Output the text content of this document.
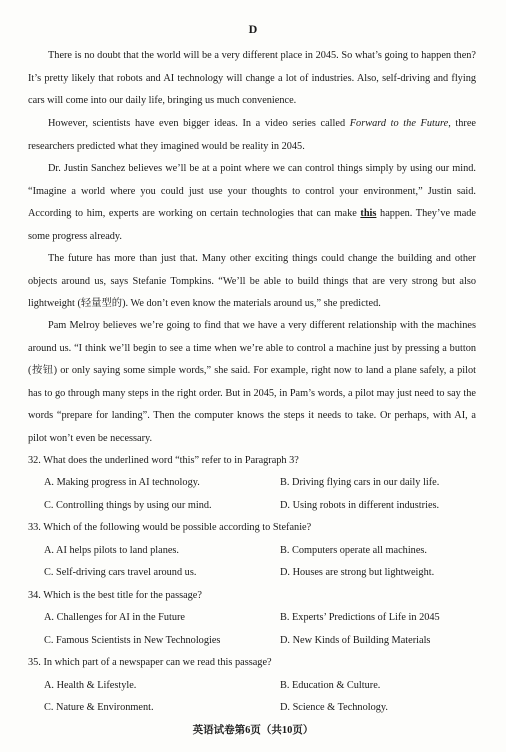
D

There is no doubt that the world will be a very different place in 2045. So what’s going to happen then? It’s pretty likely that robots and AI technology will change a lot of industries. Also, self-driving and flying cars will come into our daily life, bringing us much convenience.

However, scientists have even bigger ideas. In a video series called Forward to the Future, three researchers predicted what they imagined would be reality in 2045.

Dr. Justin Sanchez believes we’ll be at a point where we can control things simply by using our mind. “Imagine a world where you could just use your thoughts to control your environment,” Justin said. According to him, experts are working on certain technologies that can make this happen. They’ve made some progress already.

The future has more than just that. Many other exciting things could change the building and other objects around us, says Stefanie Tompkins. “We’ll be able to build things that are very strong but also lightweight (轻量型的). We don’t even know the materials around us,” she predicted.

Pam Melroy believes we’re going to find that we have a very different relationship with the machines around us. “I think we’ll begin to see a time when we’re able to control a machine just by pressing a button (按钮) or only saying some simple words,” she said. For example, right now to land a plane safely, a pilot has to go through many steps in the right order. But in 2045, in Pam’s words, a pilot may just need to say the words “prepare for landing”. Then the computer knows the steps it needs to take. Or perhaps, with AI, a pilot won’t even be necessary.

32. What does the underlined word “this” refer to in Paragraph 3?
A. Making progress in AI technology.	B. Driving flying cars in our daily life.
C. Controlling things by using our mind.	D. Using robots in different industries.
33. Which of the following would be possible according to Stefanie?
A. AI helps pilots to land planes.	B. Computers operate all machines.
C. Self-driving cars travel around us.	D. Houses are strong but lightweight.
34. Which is the best title for the passage?
A. Challenges for AI in the Future	B. Experts’ Predictions of Life in 2045
C. Famous Scientists in New Technologies	D. New Kinds of Building Materials
35. In which part of a newspaper can we read this passage?
A. Health & Lifestyle.	B. Education & Culture.
C. Nature & Environment.	D. Science & Technology.
英语试卷第6页（共10页）
